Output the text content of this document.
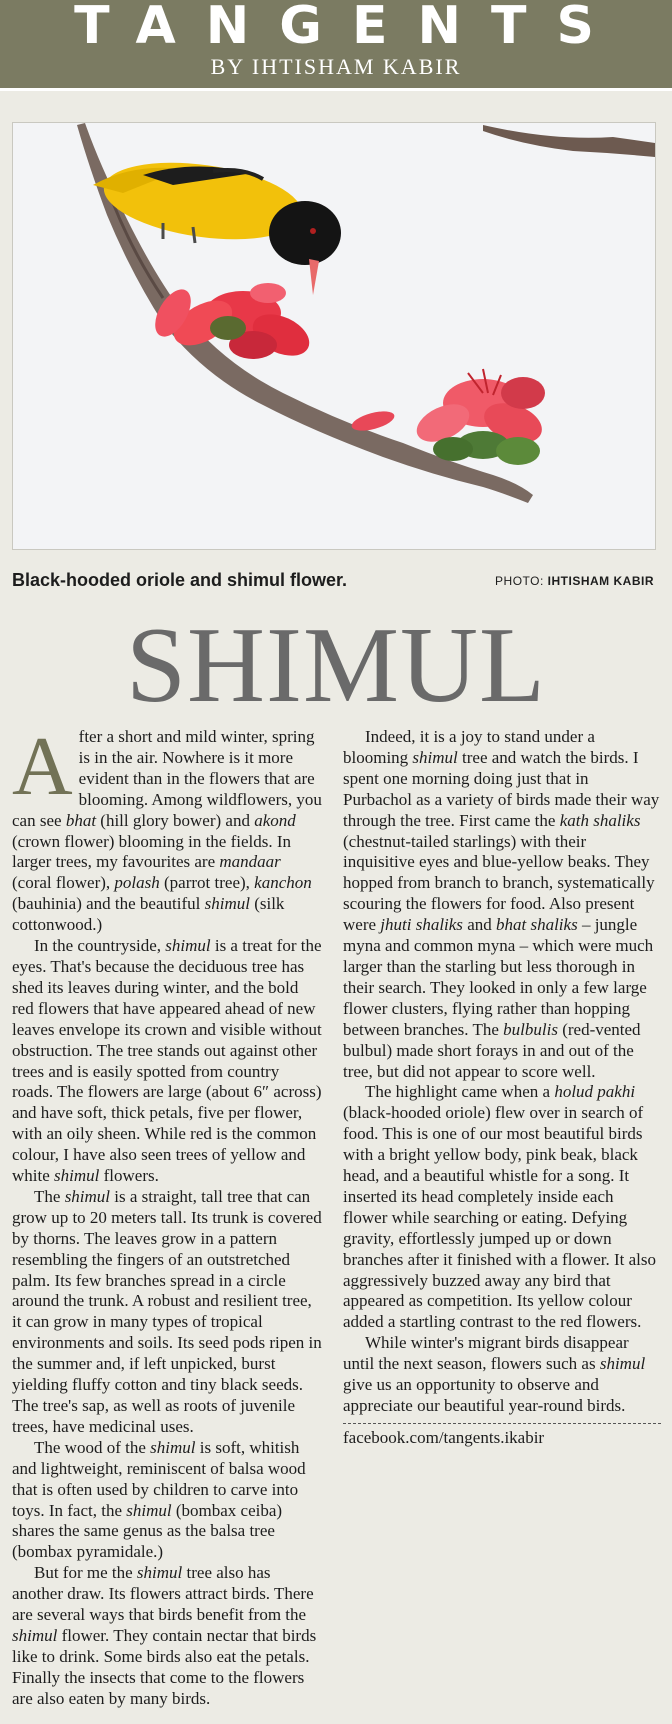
TANGENTS
BY IHTISHAM KABIR
Black-hooded oriole and shimul flower.	PHOTO: IHTISHAM KABIR
SHIMUL

After a short and mild winter, spring is in the air. Nowhere is it more evident than in the flowers that are blooming. Among wildflowers, you can see bhat (hill glory bower) and akond (crown flower) blooming in the fields. In larger trees, my favourites are mandaar (coral flower), polash (parrot tree), kanchon (bauhinia) and the beautiful shimul (silk cottonwood.)

In the countryside, shimul is a treat for the eyes. That's because the deciduous tree has shed its leaves during winter, and the bold red flowers that have appeared ahead of new leaves envelope its crown and visible without obstruction. The tree stands out against other trees and is easily spotted from country roads. The flowers are large (about 6″ across) and have soft, thick petals, five per flower, with an oily sheen. While red is the common colour, I have also seen trees of yellow and white shimul flowers.

The shimul is a straight, tall tree that can grow up to 20 meters tall. Its trunk is covered by thorns. The leaves grow in a pattern resembling the fingers of an outstretched palm. Its few branches spread in a circle around the trunk. A robust and resilient tree, it can grow in many types of tropical environments and soils. Its seed pods ripen in the summer and, if left unpicked, burst yielding fluffy cotton and tiny black seeds. The tree's sap, as well as roots of juvenile trees, have medicinal uses.

The wood of the shimul is soft, whitish and lightweight, reminiscent of balsa wood that is often used by children to carve into toys. In fact, the shimul (bombax ceiba) shares the same genus as the balsa tree (bombax pyramidale.)

But for me the shimul tree also has another draw. Its flowers attract birds. There are several ways that birds benefit from the shimul flower. They contain nectar that birds like to drink. Some birds also eat the petals. Finally the insects that come to the flowers are also eaten by many birds.

Indeed, it is a joy to stand under a blooming shimul tree and watch the birds. I spent one morning doing just that in Purbachol as a variety of birds made their way through the tree. First came the kath shaliks (chestnut-tailed starlings) with their inquisitive eyes and blue-yellow beaks. They hopped from branch to branch, systematically scouring the flowers for food. Also present were jhuti shaliks and bhat shaliks – jungle myna and common myna – which were much larger than the starling but less thorough in their search. They looked in only a few large flower clusters, flying rather than hopping between branches. The bulbulis (red-vented bulbul) made short forays in and out of the tree, but did not appear to score well.

The highlight came when a holud pakhi (black-hooded oriole) flew over in search of food. This is one of our most beautiful birds with a bright yellow body, pink beak, black head, and a beautiful whistle for a song. It inserted its head completely inside each flower while searching or eating. Defying gravity, effortlessly jumped up or down branches after it finished with a flower. It also aggressively buzzed away any bird that appeared as competition. Its yellow colour added a startling contrast to the red flowers.

While winter's migrant birds disappear until the next season, flowers such as shimul give us an opportunity to observe and appreciate our beautiful year-round birds.

facebook.com/tangents.ikabir
